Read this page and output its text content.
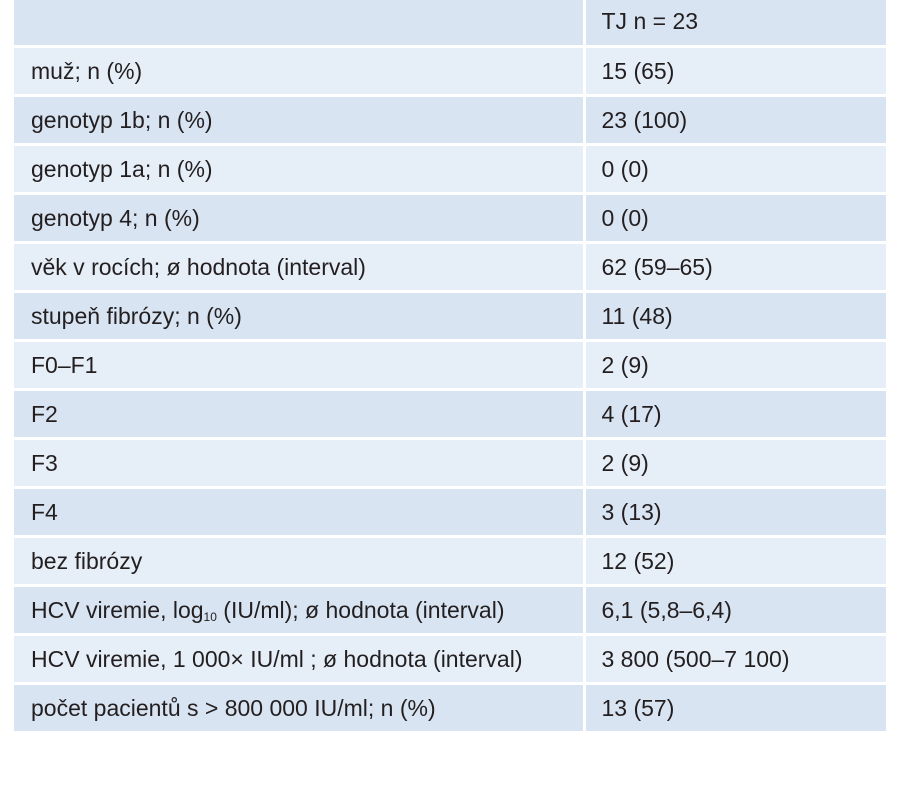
	TJ n = 23
muž; n (%)	15 (65)
genotyp 1b; n (%)	23 (100)
genotyp 1a; n (%)	0 (0)
genotyp 4; n (%)	0 (0)
věk v rocích; ø hodnota (interval)	62 (59–65)
stupeň fibrózy; n (%)	11 (48)
F0–F1	2 (9)
F2	4 (17)
F3	2 (9)
F4	3 (13)
bez fibrózy	12 (52)
HCV viremie, $\log_{10} (IU/ml)$; ø hodnota (interval)	6,1 (5,8–6,4)
HCV viremie, 1 000× IU/ml ; ø hodnota (interval)	3 800 (500–7 100)
počet pacientů s > 800 000 IU/ml; n (%)	13 (57)
